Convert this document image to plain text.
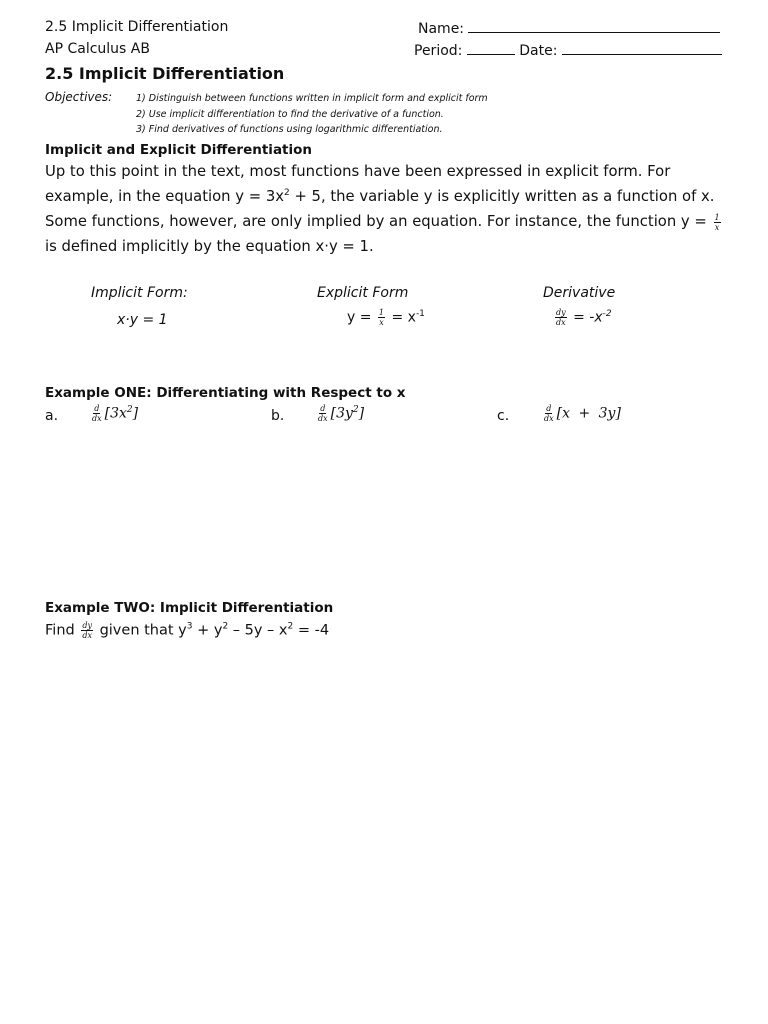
2.5 Implicit Differentiation
AP Calculus AB
Name:
Period:	Date:
2.5 Implicit Differentiation
Objectives:	1) Distinguish between functions written in implicit form and explicit form
2) Use implicit differentiation to find the derivative of a function.
3) Find derivatives of functions using logarithmic differentiation.
Implicit and Explicit Differentiation
Up to this point in the text, most functions have been expressed in explicit form. For example, in the equation $y = 3x^2 + 5$, the variable y is explicitly written as a function of x. Some functions, however, are only implied by an equation. For instance, the function $y = \frac{1}{x}$
is defined implicitly by the equation x·y = 1.
Implicit Form:	Explicit Form	Derivative
x·y = 1	$y = \frac{1}{x} = x^{-1}$	$\frac{dy}{dx} = -x^{-2}$
Example ONE: Differentiating with Respect to x
a.	$\frac{d}{dx} [3x^2]$	b.	$\frac{d}{dx} [3y^2]$	c.	$\frac{d}{dx} [x + 3y]$
Example TWO: Implicit Differentiation
Find $\frac{dy}{dx}$ given that $y^3 + y^2 - 5y - x^2 = -4$
